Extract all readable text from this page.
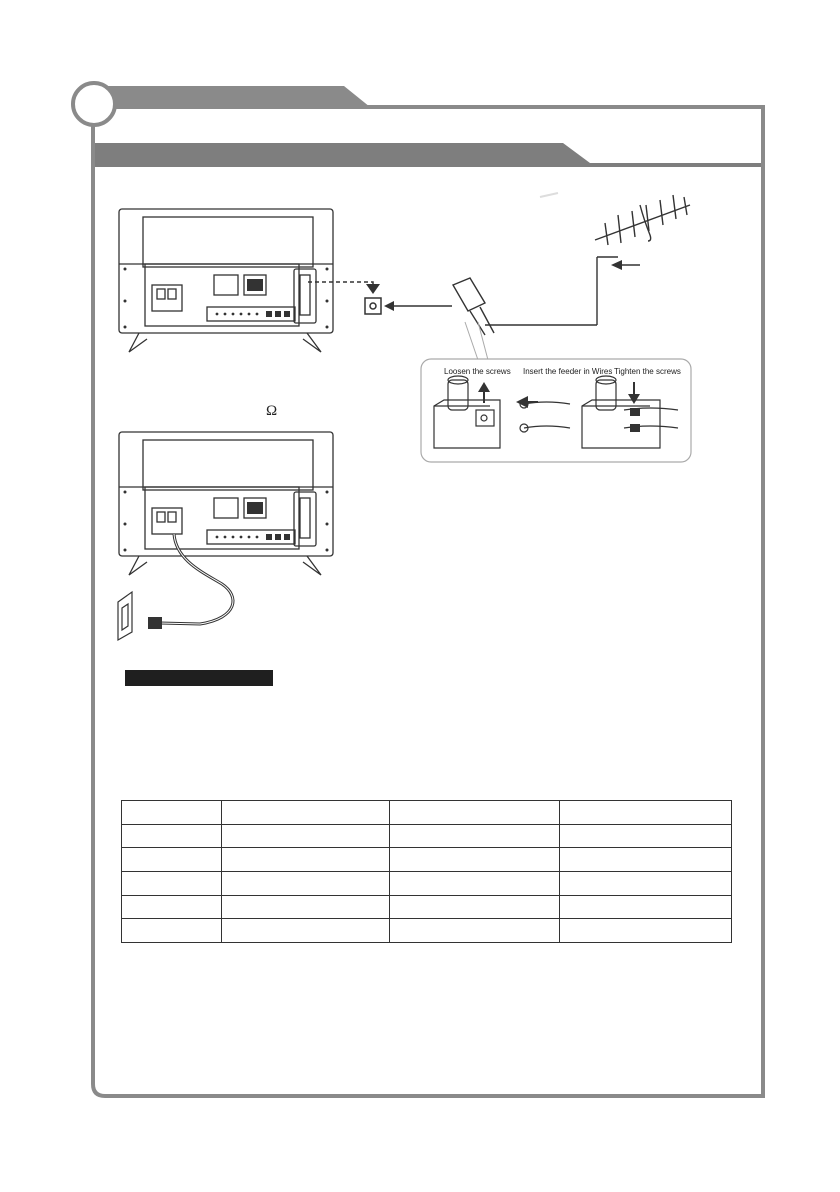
Loosen the screws Insert the feeder in Wires Tighten the screws
Ω
